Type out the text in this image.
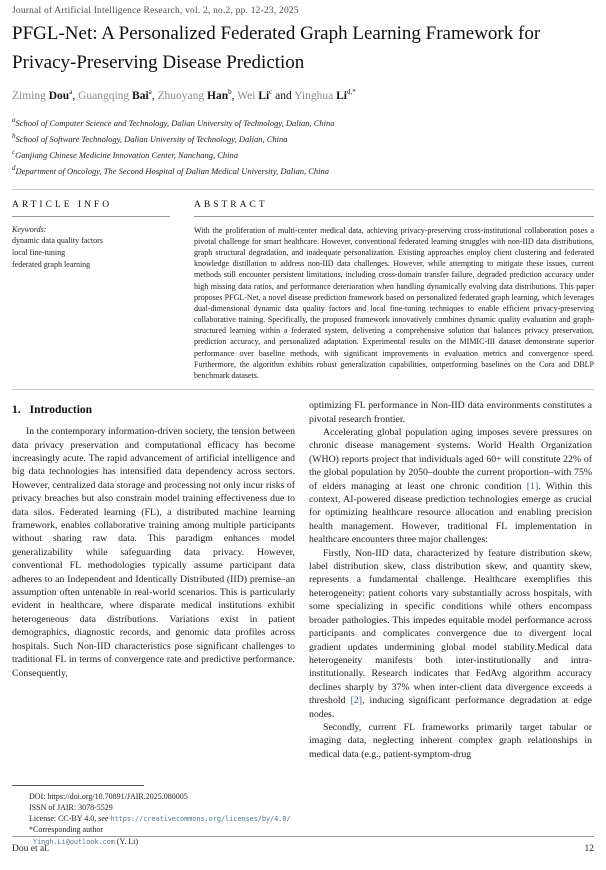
Journal of Artificial Intelligence Research, vol. 2, no.2, pp. 12-23, 2025
PFGL-Net: A Personalized Federated Graph Learning Framework for Privacy-Preserving Disease Prediction
Ziming Dou$^a$, Guangqing Bai$^a$, Zhuoyang Han$^b$, Wei Li$^c$ and Yinghua $Li^{d,*}$
$^a$School of Computer Science and Technology, Dalian University of Technology, Dalian, China
$^b$School of Software Technology, Dalian University of Technology, Dalian, China
$^c$Ganjiang Chinese Medicine Innovation Center, Nanchang, China
$^d$Department of Oncology, The Second Hospital of Dalian Medical University, Dalian, China
ARTICLE INFO
Keywords:
dynamic data quality factors
local fine-tuning
federated graph learning
ABSTRACT
With the proliferation of multi-center medical data, achieving privacy-preserving cross-institutional collaboration poses a pivotal challenge for smart healthcare. However, conventional federated learning struggles with non-IID data distributions, graph structural degradation, and inadequate personalization. Existing approaches employ client clustering and federated knowledge distillation to address non-IID data challenges. However, while attempting to mitigate these issues, current methods still encounter persistent limitations, including cross-domain transfer failure, degraded prediction accuracy under high missing data ratios, and performance deterioration when handling dynamically evolving data distributions. This paper proposes PFGL-Net, a novel disease prediction framework based on personalized federated graph learning, which leverages dual-dimensional dynamic data quality factors and local fine-tuning techniques to enable efficient privacy-preserving collaborative training. Specifically, the proposed framework innovatively combines dynamic quality evaluation and graph-structured learning within a federated system, delivering a comprehensive solution that balances privacy preservation, prediction accuracy, and personalized adaptation. Experimental results on the MIMIC-III dataset demonstrate superior performance over baseline methods, with significant improvements in evaluation metrics and convergence speed. Furthermore, the algorithm exhibits robust generalization capabilities, outperforming baselines on the Cora and DBLP benchmark datasets.
1. Introduction

In the contemporary information-driven society, the tension between data privacy preservation and computational efficacy has become increasingly acute. The rapid advancement of artificial intelligence and big data technologies has intensified data dependency across sectors. However, centralized data storage and processing not only incur risks of privacy breaches but also constrain model training effectiveness due to data silos. Federated learning (FL), a distributed machine learning framework, enables collaborative training among multiple participants without sharing raw data. This paradigm enhances model generalizability while safeguarding data privacy. However, conventional FL methodologies typically assume participant data adheres to an Independent and Identically Distributed (IID) premise–an assumption often untenable in real-world scenarios. This is particularly evident in healthcare, where disparate medical institutions exhibit heterogeneous data distributions. Variations exist in patient demographics, diagnostic records, and genomic data profiles across hospitals. Such Non-IID characteristics pose significant challenges to traditional FL in terms of convergence rate and predictive performance. Consequently,

DOI: https://doi.org/10.70891/JAIR.2025.080005
ISSN of JAIR: 3078-5529
License: CC-BY 4.0, see https://creativecommons.org/licenses/by/4.0/
*Corresponding author
Yingh.Li@outlook.com (Y. Li)

optimizing FL performance in Non-IID data environments constitutes a pivotal research frontier.

Accelerating global population aging imposes severe pressures on chronic disease management systems. World Health Organization (WHO) reports project that individuals aged 60+ will constitute 22% of the global population by 2050–double the current proportion–with 75% of elders managing at least one chronic condition [1]. Within this context, AI-powered disease prediction technologies emerge as crucial for optimizing healthcare resource allocation and enabling precision health management. However, traditional FL implementation in healthcare encounters three major challenges:

Firstly, Non-IID data, characterized by feature distribution skew, label distribution skew, class distribution skew, and quantity skew, represents a fundamental challenge. Healthcare exemplifies this heterogeneity: patient cohorts vary substantially across hospitals, with some specializing in specific conditions while others encompass broader pathologies. This impedes equitable model performance across participants and complicates convergence due to divergent local gradient updates undermining global model stability.Medical data heterogeneity manifests both inter-institutionally and intra-institutionally. Research indicates that FedAvg algorithm accuracy declines sharply by 37% when inter-client data divergence exceeds a threshold [2], inducing significant performance degradation at edge nodes.

Secondly, current FL frameworks primarily target tabular or imaging data, neglecting inherent complex graph relationships in medical data (e.g., patient-symptom-drug

Dou et al.	12
